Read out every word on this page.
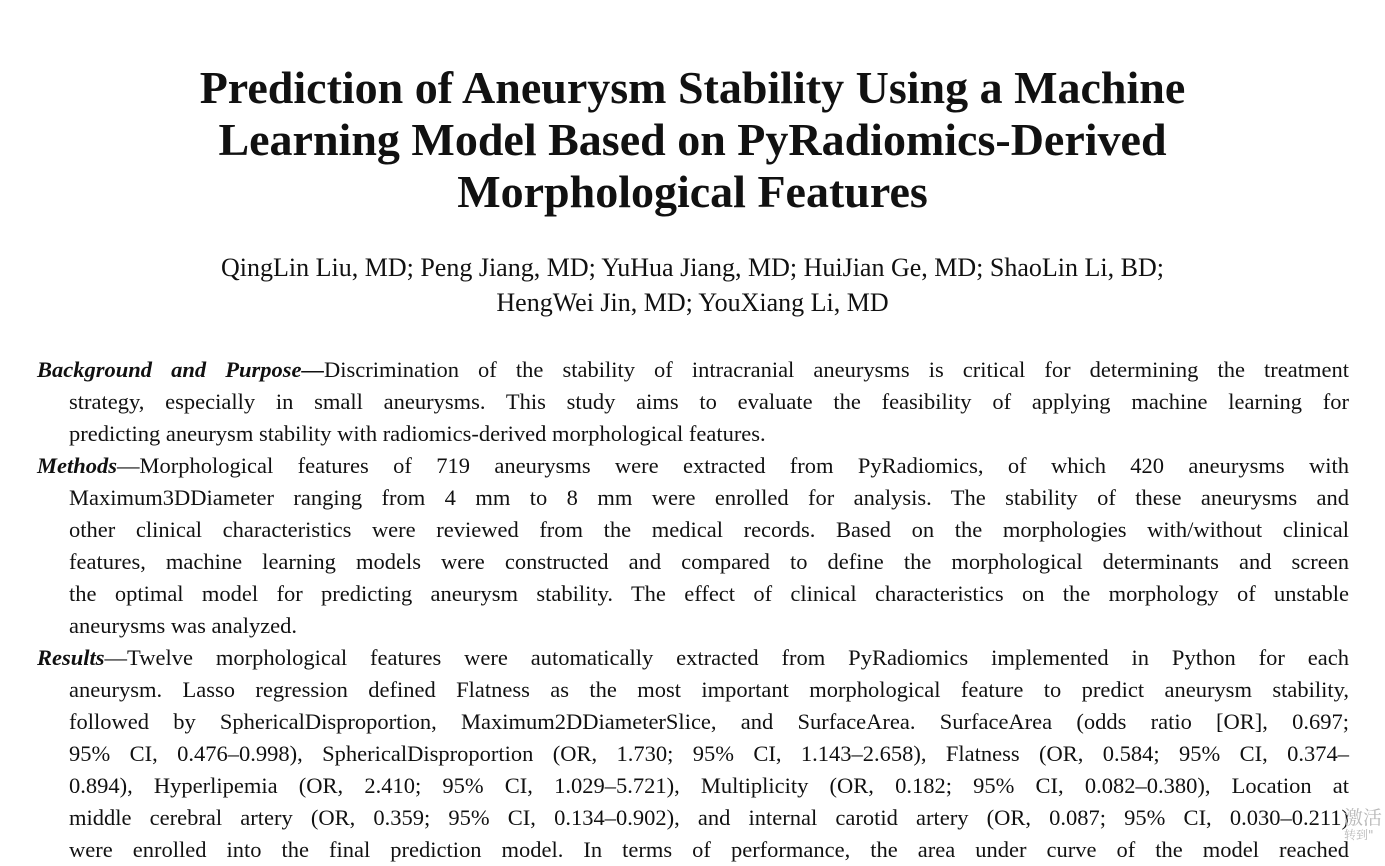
Prediction of Aneurysm Stability Using a Machine
Learning Model Based on PyRadiomics-Derived
Morphological Features
QingLin Liu, MD; Peng Jiang, MD; YuHua Jiang, MD; HuiJian Ge, MD; ShaoLin Li, BD;
HengWei Jin, MD; YouXiang Li, MD
Background and Purpose—Discrimination of the stability of intracranial aneurysms is critical for determining the treatment
strategy, especially in small aneurysms. This study aims to evaluate the feasibility of applying machine learning for
predicting aneurysm stability with radiomics-derived morphological features.
Methods—Morphological features of 719 aneurysms were extracted from PyRadiomics, of which 420 aneurysms with
Maximum3DDiameter ranging from 4 mm to 8 mm were enrolled for analysis. The stability of these aneurysms and
other clinical characteristics were reviewed from the medical records. Based on the morphologies with/without clinical
features, machine learning models were constructed and compared to define the morphological determinants and screen
the optimal model for predicting aneurysm stability. The effect of clinical characteristics on the morphology of unstable
aneurysms was analyzed.
Results—Twelve morphological features were automatically extracted from PyRadiomics implemented in Python for each
aneurysm. Lasso regression defined Flatness as the most important morphological feature to predict aneurysm stability,
followed by SphericalDisproportion, Maximum2DDiameterSlice, and SurfaceArea. SurfaceArea (odds ratio [OR], 0.697;
95% CI, 0.476–0.998), SphericalDisproportion (OR, 1.730; 95% CI, 1.143–2.658), Flatness (OR, 0.584; 95% CI, 0.374–
0.894), Hyperlipemia (OR, 2.410; 95% CI, 1.029–5.721), Multiplicity (OR, 0.182; 95% CI, 0.082–0.380), Location at
middle cerebral artery (OR, 0.359; 95% CI, 0.134–0.902), and internal carotid artery (OR, 0.087; 95% CI, 0.030–0.211)
were enrolled into the final prediction model. In terms of performance, the area under curve of the model reached
激活
转到"
